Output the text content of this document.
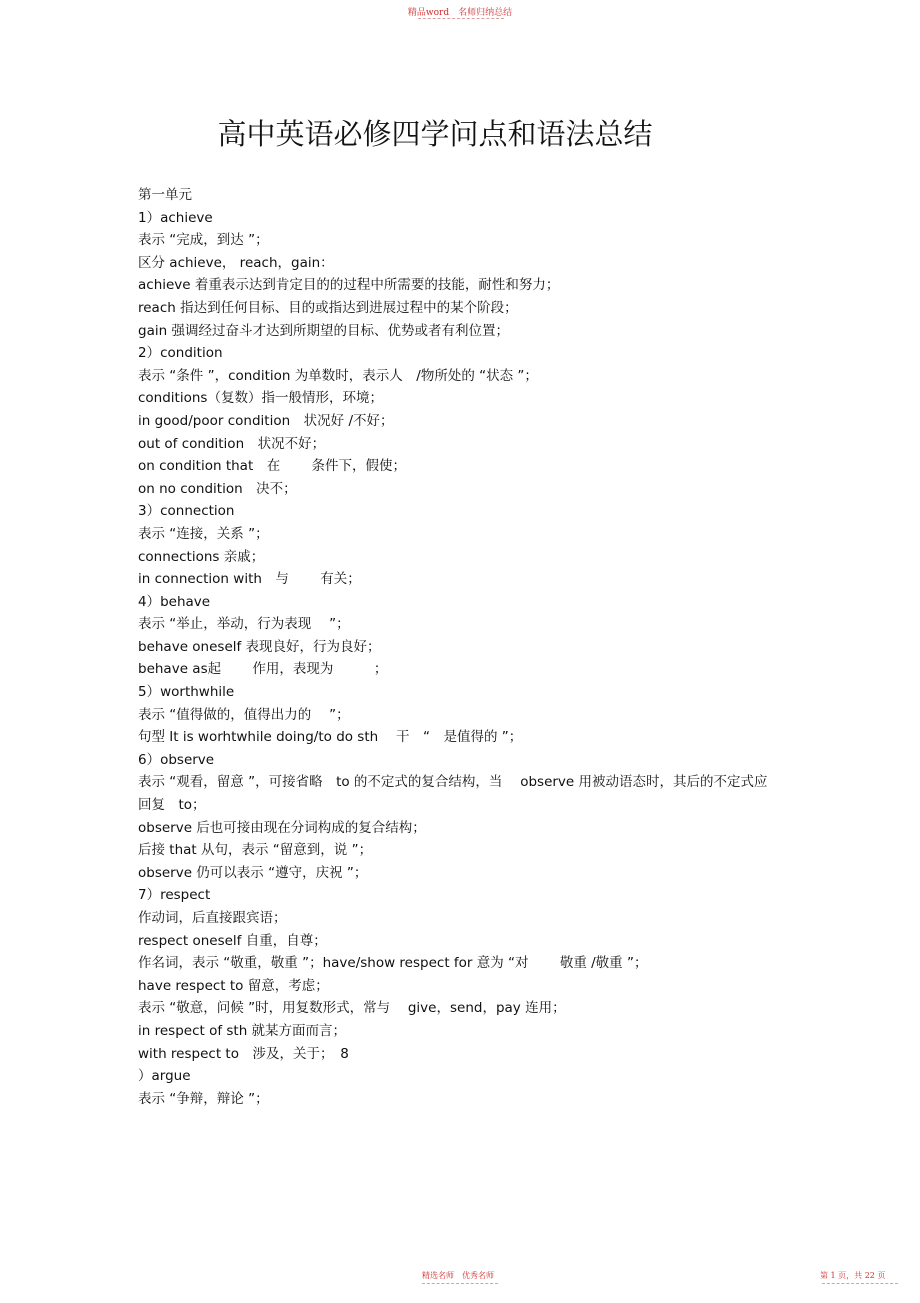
精品word　名师归纳总结
高中英语必修四学问点和语法总结
第一单元
1）achieve
表示 “完成，到达 ”；
区分 achieve， reach，gain：
achieve 着重表示达到肯定目的的过程中所需要的技能，耐性和努力；
reach 指达到任何目标、目的或指达到进展过程中的某个阶段；
gain 强调经过奋斗才达到所期望的目标、优势或者有利位置；
2）condition
表示 “条件 ”，condition 为单数时，表示人　/物所处的 “状态 ”；
conditions（复数）指一般情形，环境；
in good/poor condition　状况好 /不好；
out of condition　状况不好；
on condition that　在　　 条件下，假使；
on no condition　决不；
3）connection
表示 “连接，关系 ”；
connections 亲戚；
in connection with　与　　 有关；
4）behave
表示 “举止，举动，行为表现　 ”；
behave oneself 表现良好，行为良好；
behave as起　　 作用，表现为　　　；
5）worthwhile
表示 “值得做的，值得出力的　 ”；
句型 It is worhtwhile doing/to do sth　 干　“　是值得的 ”；
6）observe
表示 “观看，留意 ”，可接省略　to 的不定式的复合结构，当　 observe 用被动语态时，其后的不定式应回复　to；
observe 后也可接由现在分词构成的复合结构；
后接 that 从句，表示 “留意到，说 ”；
observe 仍可以表示 “遵守，庆祝 ”；
7）respect
作动词，后直接跟宾语；
respect oneself 自重，自尊；
作名词，表示 “敬重，敬重 ”；have/show respect for 意为 “对　　 敬重 /敬重 ”；
have respect to 留意，考虑；
表示 “敬意，问候 ”时，用复数形式，常与　 give，send，pay 连用；
in respect of sth 就某方面而言；
with respect to　涉及，关于；　8
）argue
表示 “争辩，辩论 ”；
精选名师　优秀名师	第 1 页，共 22 页
